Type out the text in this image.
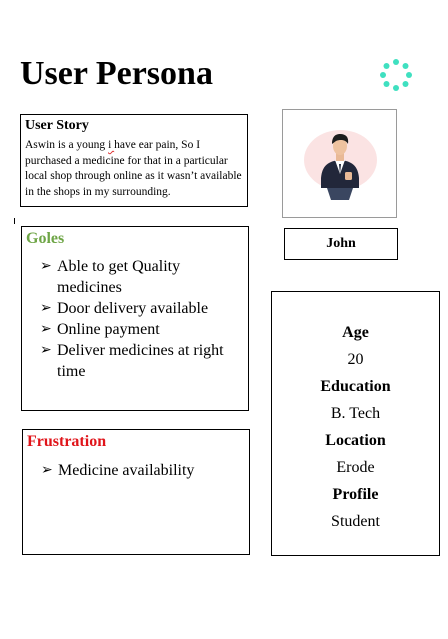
User Persona
User Story
Aswin is a young i have ear pain, So I purchased a medicine for that in a particular local shop through online as it wasn’t available in the shops in my surrounding.
John
Goles
➢ Able to get Quality medicines
➢ Door delivery available
➢ Online payment
➢ Deliver medicines at right time
Frustration
➢ Medicine availability
Age
20
Education
B. Tech
Location
Erode
Profile
Student
